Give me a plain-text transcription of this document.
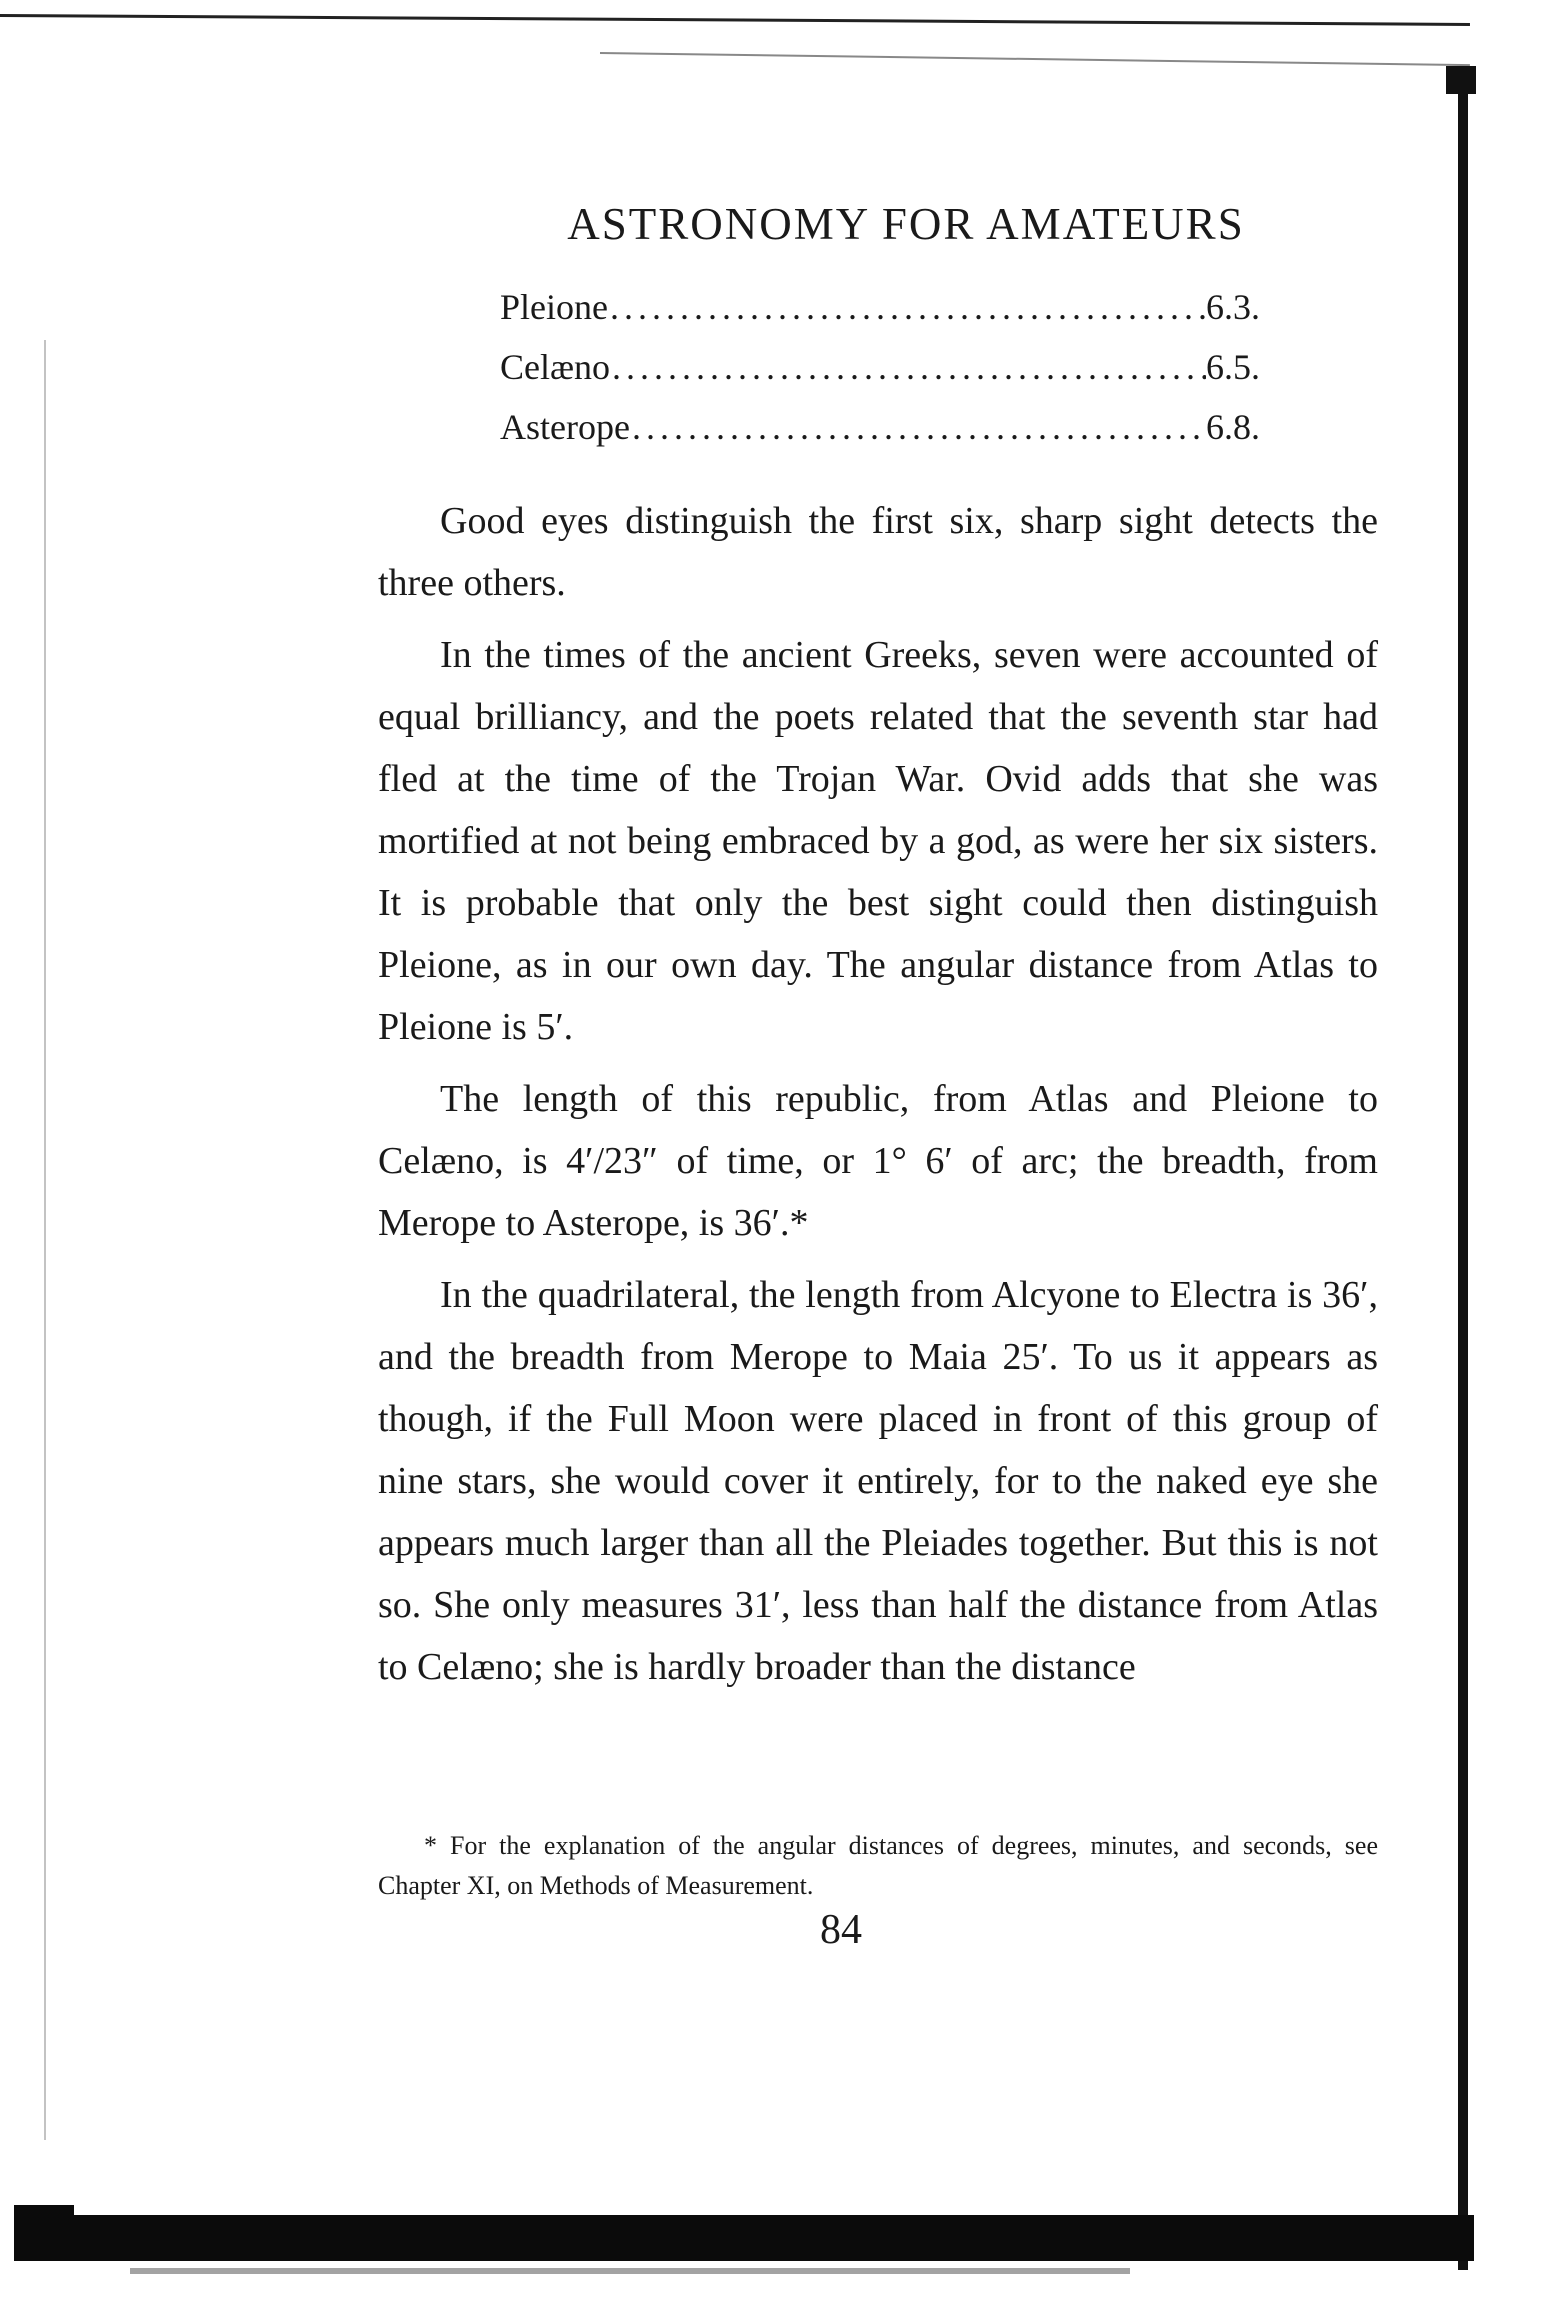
ASTRONOMY FOR AMATEURS
Pleione .....	6.3.
Celæno .....	6.5.
Asterope .....	6.8.

Good eyes distinguish the first six, sharp sight detects the three others.

In the times of the ancient Greeks, seven were accounted of equal brilliancy, and the poets related that the seventh star had fled at the time of the Trojan War. Ovid adds that she was mortified at not being embraced by a god, as were her six sisters. It is probable that only the best sight could then distinguish Pleione, as in our own day. The angular distance from Atlas to Pleione is 5′.

The length of this republic, from Atlas and Pleione to Celæno, is 4′/23″ of time, or 1° 6′ of arc; the breadth, from Merope to Asterope, is 36′.*

In the quadrilateral, the length from Alcyone to Electra is 36′, and the breadth from Merope to Maia 25′. To us it appears as though, if the Full Moon were placed in front of this group of nine stars, she would cover it entirely, for to the naked eye she appears much larger than all the Pleiades together. But this is not so. She only measures 31′, less than half the distance from Atlas to Celæno; she is hardly broader than the distance

* For the explanation of the angular distances of degrees, minutes, and seconds, see Chapter XI, on Methods of Measurement.
84
